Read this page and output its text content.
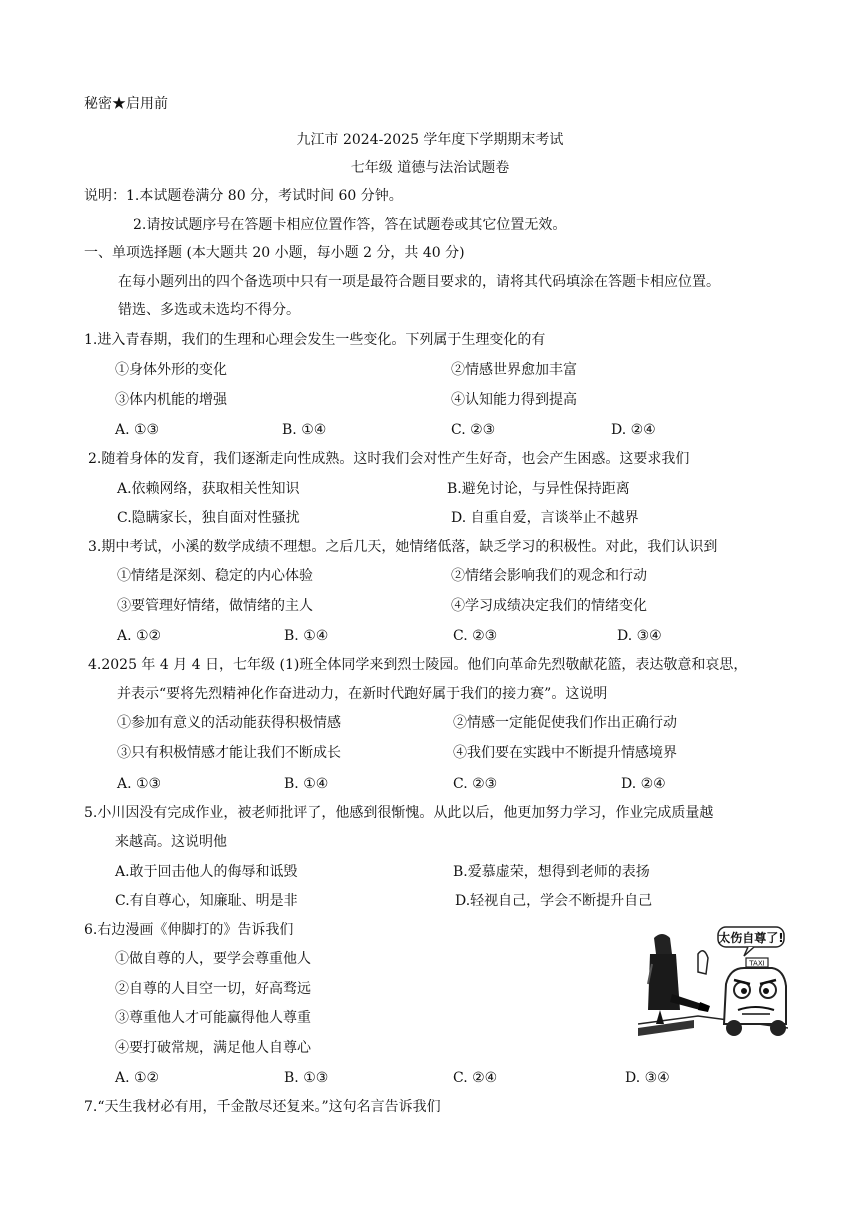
秘密★启用前
九江市 2024-2025 学年度下学期期末考试
七年级 道德与法治试题卷
说明：1.本试题卷满分 80 分，考试时间 60 分钟。
2.请按试题序号在答题卡相应位置作答，答在试题卷或其它位置无效。
一、单项选择题 (本大题共 20 小题，每小题 2 分，共 40 分)
在每小题列出的四个备选项中只有一项是最符合题目要求的，请将其代码填涂在答题卡相应位置。
错选、多选或未选均不得分。
1.进入青春期，我们的生理和心理会发生一些变化。下列属于生理变化的有
①身体外形的变化	②情感世界愈加丰富
③体内机能的增强	④认知能力得到提高
A. ①③	B. ①④	C. ②③	D. ②④
2.随着身体的发育，我们逐渐走向性成熟。这时我们会对性产生好奇，也会产生困惑。这要求我们
A.依赖网络，获取相关性知识	B.避免讨论，与异性保持距离
C.隐瞒家长，独自面对性骚扰	D. 自重自爱，言谈举止不越界
3.期中考试，小溪的数学成绩不理想。之后几天，她情绪低落，缺乏学习的积极性。对此，我们认识到
①情绪是深刻、稳定的内心体验	②情绪会影响我们的观念和行动
③要管理好情绪，做情绪的主人	④学习成绩决定我们的情绪变化
A. ①②	B. ①④	C. ②③	D. ③④
4.2025 年 4 月 4 日，七年级 (1)班全体同学来到烈士陵园。他们向革命先烈敬献花篮，表达敬意和哀思，
并表示“要将先烈精神化作奋进动力，在新时代跑好属于我们的接力赛”。这说明
①参加有意义的活动能获得积极情感	②情感一定能促使我们作出正确行动
③只有积极情感才能让我们不断成长	④我们要在实践中不断提升情感境界
A. ①③	B. ①④	C. ②③	D. ②④
5.小川因没有完成作业，被老师批评了，他感到很惭愧。从此以后，他更加努力学习，作业完成质量越
来越高。这说明他
A.敢于回击他人的侮辱和诋毁	B.爱慕虚荣，想得到老师的表扬
C.有自尊心，知廉耻、明是非	D.轻视自己，学会不断提升自己
6.右边漫画《伸脚打的》告诉我们
①做自尊的人，要学会尊重他人
②自尊的人目空一切，好高骛远
③尊重他人才可能赢得他人尊重
④要打破常规，满足他人自尊心
A. ①②	B. ①③	C. ②④	D. ③④
太伤自尊了!
TAXI
7.“天生我材必有用，千金散尽还复来。”这句名言告诉我们
